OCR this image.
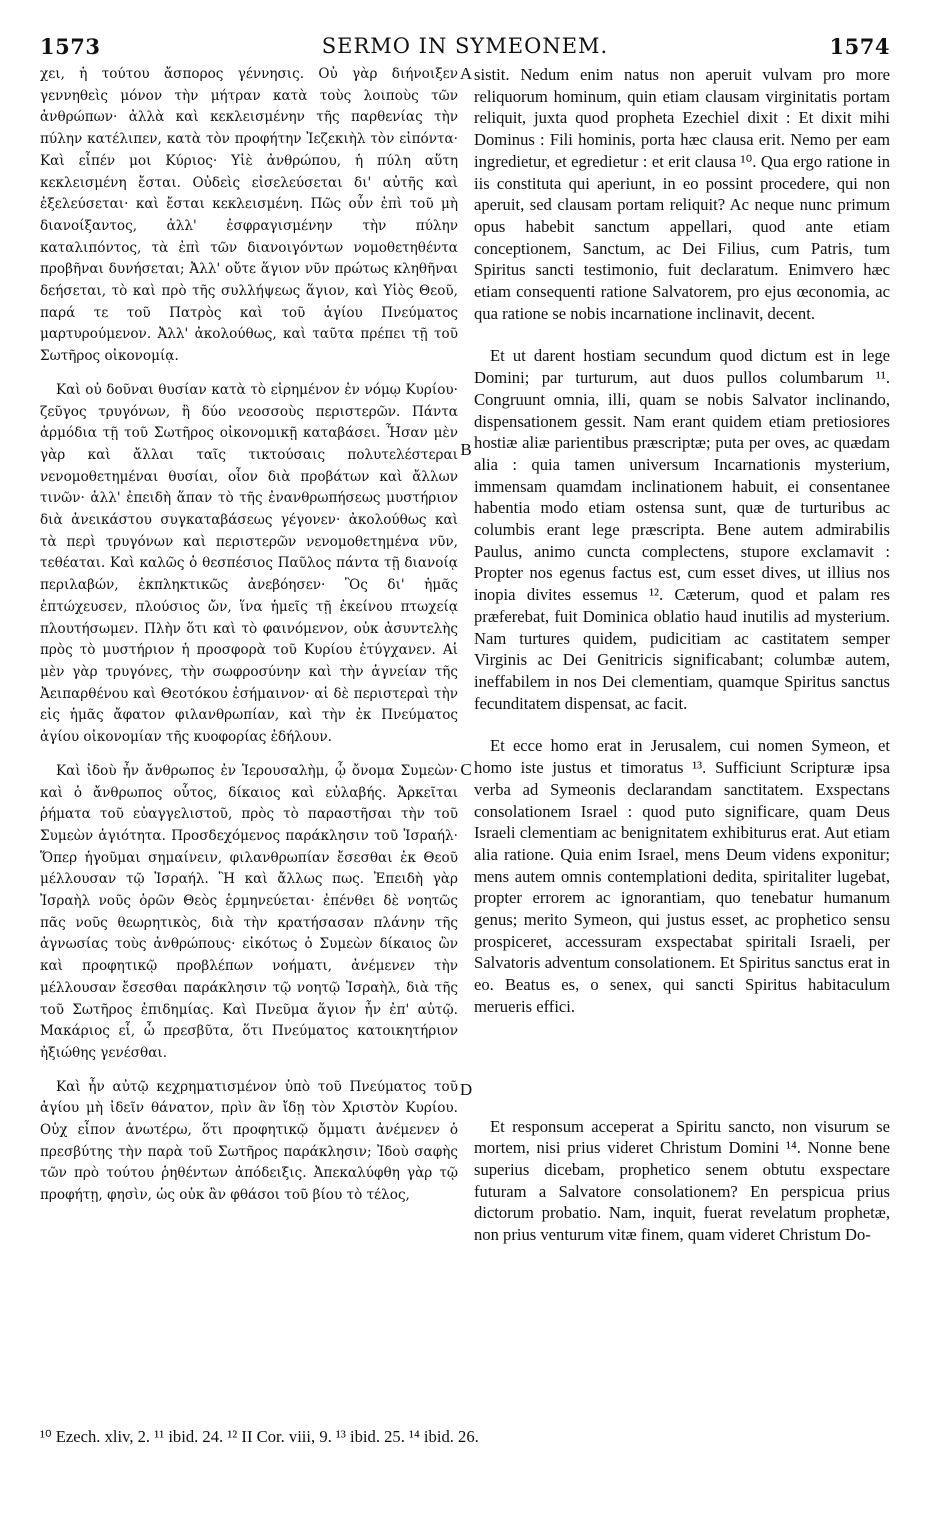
SERMO IN SYMEONEM.
1573	1574

χει, ἡ τούτου ἄσπορος γέννησις. Οὐ γὰρ διήνοιξεν γεννηθεὶς μόνον τὴν μήτραν κατὰ τοὺς λοιποὺς τῶν ἀνθρώπων· ἀλλὰ καὶ κεκλεισμένην τῆς παρθενίας τὴν πύλην κατέλιπεν, κατὰ τὸν προφήτην Ἰεζεκιὴλ τὸν εἰπόντα· Καὶ εἶπέν μοι Κύριος· Υἱὲ ἀνθρώπου, ἡ πύλη αὕτη κεκλεισμένη ἔσται. Οὐδεὶς εἰσελεύσεται δι' αὐτῆς καὶ ἐξελεύσεται· καὶ ἔσται κεκλεισμένη. Πῶς οὖν ἐπὶ τοῦ μὴ διανοίξαντος, ἀλλ' ἐσφραγισμένην τὴν πύλην καταλιπόντος, τὰ ἐπὶ τῶν διανοιγόντων νομοθετηθέντα προβῆναι δυνήσεται; Ἀλλ' οὔτε ἅγιον νῦν πρώτως κληθῆναι δεήσεται, τὸ καὶ πρὸ τῆς συλλήψεως ἅγιον, καὶ Υἱὸς Θεοῦ, παρά τε τοῦ Πατρὸς καὶ τοῦ ἁγίου Πνεύματος μαρτυρούμενον. Ἀλλ' ἀκολούθως, καὶ ταῦτα πρέπει τῇ τοῦ Σωτῆρος οἰκονομίᾳ.

Καὶ οὐ δοῦναι θυσίαν κατὰ τὸ εἰρημένον ἐν νόμῳ Κυρίου· ζεῦγος τρυγόνων, ἢ δύο νεοσσοὺς περιστερῶν. Πάντα ἁρμόδια τῇ τοῦ Σωτῆρος οἰκονομικῇ καταβάσει. Ἦσαν μὲν γὰρ καὶ ἄλλαι ταῖς τικτούσαις πολυτελέστεραι νενομοθετημέναι θυσίαι, οἷον διὰ προβάτων καὶ ἄλλων τινῶν· ἀλλ' ἐπειδὴ ἅπαν τὸ τῆς ἐνανθρωπήσεως μυστήριον διὰ ἀνεικάστου συγκαταβάσεως γέγονεν· ἀκολούθως καὶ τὰ περὶ τρυγόνων καὶ περιστερῶν νενομοθετημένα νῦν, τεθέαται. Καὶ καλῶς ὁ θεσπέσιος Παῦλος πάντα τῇ διανοίᾳ περιλαβών, ἐκπληκτικῶς ἀνεβόησεν· Ὃς δι' ἡμᾶς ἐπτώχευσεν, πλούσιος ὤν, ἵνα ἡμεῖς τῇ ἐκείνου πτωχείᾳ πλουτήσωμεν. Πλὴν ὅτι καὶ τὸ φαινόμενον, οὐκ ἀσυντελὴς πρὸς τὸ μυστήριον ἡ προσφορὰ τοῦ Κυρίου ἐτύγχανεν. Αἱ μὲν γὰρ τρυγόνες, τὴν σωφροσύνην καὶ τὴν ἁγνείαν τῆς Ἀειπαρθένου καὶ Θεοτόκου ἐσήμαινον· αἱ δὲ περιστεραὶ τὴν εἰς ἡμᾶς ἄφατον φιλανθρωπίαν, καὶ τὴν ἐκ Πνεύματος ἁγίου οἰκονομίαν τῆς κυοφορίας ἐδήλουν.

Καὶ ἰδοὺ ἦν ἄνθρωπος ἐν Ἱερουσαλὴμ, ᾧ ὄνομα Συμεὼν· καὶ ὁ ἄνθρωπος οὗτος, δίκαιος καὶ εὐλαβής. Ἀρκεῖται ῥήματα τοῦ εὐαγγελιστοῦ, πρὸς τὸ παραστῆσαι τὴν τοῦ Συμεὼν ἁγιότητα. Προσδεχόμενος παράκλησιν τοῦ Ἰσραήλ· Ὅπερ ἡγοῦμαι σημαίνειν, φιλανθρωπίαν ἔσεσθαι ἐκ Θεοῦ μέλλουσαν τῷ Ἰσραήλ. Ἢ καὶ ἄλλως πως. Ἐπειδὴ γὰρ Ἰσραὴλ νοῦς ὁρῶν Θεὸς ἑρμηνεύεται· ἐπένθει δὲ νοητῶς πᾶς νοῦς θεωρητικὸς, διὰ τὴν κρατήσασαν πλάνην τῆς ἀγνωσίας τοὺς ἀνθρώπους· εἰκότως ὁ Συμεὼν δίκαιος ὢν καὶ προφητικῷ προβλέπων νοήματι, ἀνέμενεν τὴν μέλλουσαν ἔσεσθαι παράκλησιν τῷ νοητῷ Ἰσραὴλ, διὰ τῆς τοῦ Σωτῆρος ἐπιδημίας. Καὶ Πνεῦμα ἅγιον ἦν ἐπ' αὐτῷ. Μακάριος εἶ, ὦ πρεσβῦτα, ὅτι Πνεύματος κατοικητήριον ἠξιώθης γενέσθαι.

Καὶ ἦν αὐτῷ κεχρηματισμένον ὑπὸ τοῦ Πνεύματος τοῦ ἁγίου μὴ ἰδεῖν θάνατον, πρὶν ἂν ἴδῃ τὸν Χριστὸν Κυρίου. Οὐχ εἶπον ἀνωτέρω, ὅτι προφητικῷ ὄμματι ἀνέμενεν ὁ πρεσβύτης τὴν παρὰ τοῦ Σωτῆρος παράκλησιν; Ἰδοὺ σαφὴς τῶν πρὸ τούτου ῥηθέντων ἀπόδειξις. Ἀπεκαλύφθη γὰρ τῷ προφήτῃ, φησὶν, ὡς οὐκ ἂν φθάσοι τοῦ βίου τὸ τέλος,

A
B
C
D

sistit. Nedum enim natus non aperuit vulvam pro more reliquorum hominum, quin etiam clausam virginitatis portam reliquit, juxta quod propheta Ezechiel dixit : Et dixit mihi Dominus : Fili hominis, porta hæc clausa erit. Nemo per eam ingredietur, et egredietur : et erit clausa ¹⁰. Qua ergo ratione in iis constituta qui aperiunt, in eo possint procedere, qui non aperuit, sed clausam portam reliquit? Ac neque nunc primum opus habebit sanctum appellari, quod ante etiam conceptionem, Sanctum, ac Dei Filius, cum Patris, tum Spiritus sancti testimonio, fuit declaratum. Enimvero hæc etiam consequenti ratione Salvatorem, pro ejus œconomia, ac qua ratione se nobis incarnatione inclinavit, decent.

Et ut darent hostiam secundum quod dictum est in lege Domini; par turturum, aut duos pullos columbarum ¹¹. Congruunt omnia, illi, quam se nobis Salvator inclinando, dispensationem gessit. Nam erant quidem etiam pretiosiores hostiæ aliæ parientibus præscriptæ; puta per oves, ac quædam alia : quia tamen universum Incarnationis mysterium, immensam quamdam inclinationem habuit, ei consentanee habentia modo etiam ostensa sunt, quæ de turturibus ac columbis erant lege præscripta. Bene autem admirabilis Paulus, animo cuncta complectens, stupore exclamavit : Propter nos egenus factus est, cum esset dives, ut illius nos inopia divites essemus ¹². Cæterum, quod et palam res præferebat, fuit Dominica oblatio haud inutilis ad mysterium. Nam turtures quidem, pudicitiam ac castitatem semper Virginis ac Dei Genitricis significabant; columbæ autem, ineffabilem in nos Dei clementiam, quamque Spiritus sanctus fecunditatem dispensat, ac facit.

Et ecce homo erat in Jerusalem, cui nomen Symeon, et homo iste justus et timoratus ¹³. Sufficiunt Scripturæ ipsa verba ad Symeonis declarandam sanctitatem. Exspectans consolationem Israel : quod puto significare, quam Deus Israeli clementiam ac benignitatem exhibiturus erat. Aut etiam alia ratione. Quia enim Israel, mens Deum videns exponitur; mens autem omnis contemplationi dedita, spiritaliter lugebat, propter errorem ac ignorantiam, quo tenebatur humanum genus; merito Symeon, qui justus esset, ac prophetico sensu prospiceret, accessuram exspectabat spiritali Israeli, per Salvatoris adventum consolationem. Et Spiritus sanctus erat in eo. Beatus es, o senex, qui sancti Spiritus habitaculum merueris effici.

Et responsum acceperat a Spiritu sancto, non visurum se mortem, nisi prius videret Christum Domini ¹⁴. Nonne bene superius dicebam, prophetico senem obtutu exspectare futuram a Salvatore consolationem? En perspicua prius dictorum probatio. Nam, inquit, fuerat revelatum prophetæ, non prius venturum vitæ finem, quam videret Christum Do-

¹⁰ Ezech. xliv, 2. ¹¹ ibid. 24. ¹² II Cor. viii, 9. ¹³ ibid. 25. ¹⁴ ibid. 26.
